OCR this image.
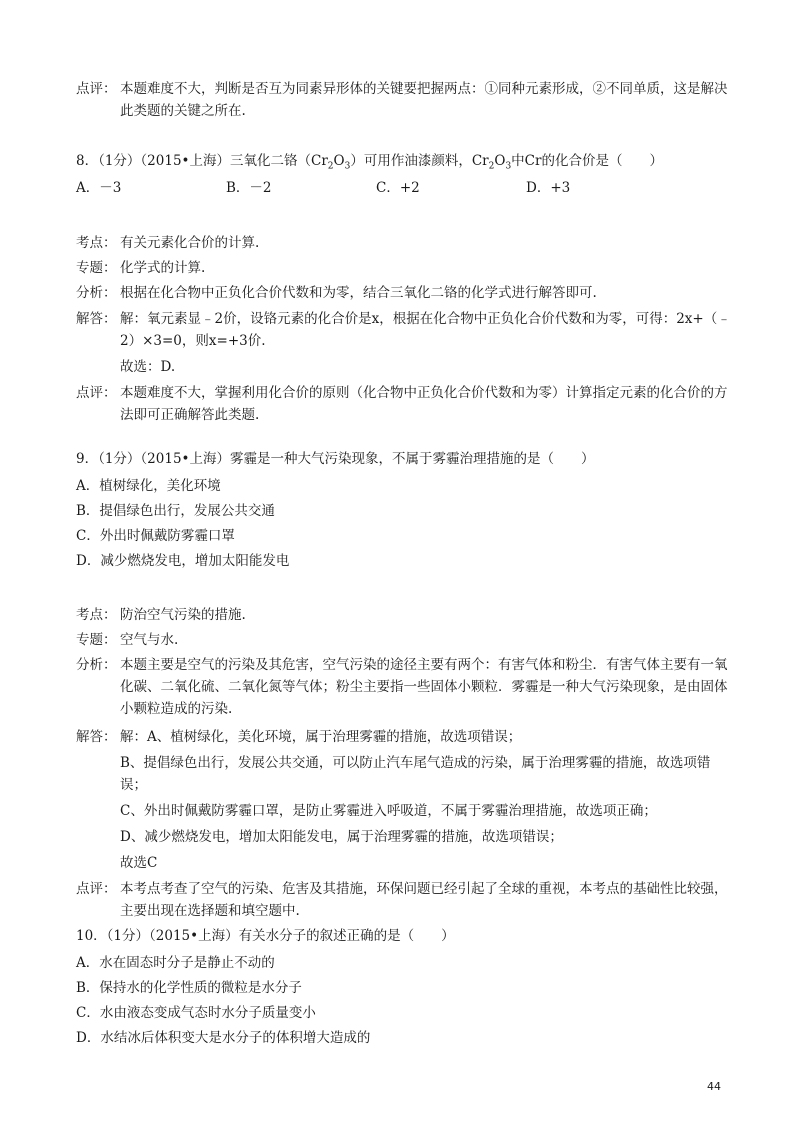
点评： 本题难度不大，判断是否互为同素异形体的关键要把握两点：①同种元素形成，②不同单质，这是解决此类题的关键之所在.
8．（1分）（2015•上海）三氧化二铬$(Cr_2O_3)$可用作油漆颜料，$Cr_2O_3$中Cr的化合价是（　　）
A．－3	B．－2	C．+2	D．+3
考点： 有关元素化合价的计算.
专题： 化学式的计算.
分析： 根据在化合物中正负化合价代数和为零，结合三氧化二铬的化学式进行解答即可.
解答： 解：氧元素显﹣2价，设铬元素的化合价是x，根据在化合物中正负化合价代数和为零，可得：2x+（﹣2）×3=0，则x=+3价.
故选：D.
点评： 本题难度不大，掌握利用化合价的原则（化合物中正负化合价代数和为零）计算指定元素的化合价的方法即可正确解答此类题.
9．（1分）（2015•上海）雾霾是一种大气污染现象，不属于雾霾治理措施的是（　　）
A．植树绿化，美化环境
B．提倡绿色出行，发展公共交通
C．外出时佩戴防雾霾口罩
D．减少燃烧发电，增加太阳能发电
考点： 防治空气污染的措施.
专题： 空气与水.
分析： 本题主要是空气的污染及其危害，空气污染的途径主要有两个：有害气体和粉尘．有害气体主要有一氧化碳、二氧化硫、二氧化氮等气体；粉尘主要指一些固体小颗粒．雾霾是一种大气污染现象，是由固体小颗粒造成的污染.
解答： 解：A、植树绿化，美化环境，属于治理雾霾的措施，故选项错误；
B、提倡绿色出行，发展公共交通，可以防止汽车尾气造成的污染，属于治理雾霾的措施，故选项错误；
C、外出时佩戴防雾霾口罩，是防止雾霾进入呼吸道，不属于雾霾治理措施，故选项正确；
D、减少燃烧发电，增加太阳能发电，属于治理雾霾的措施，故选项错误；
故选C
点评： 本考点考查了空气的污染、危害及其措施，环保问题已经引起了全球的重视，本考点的基础性比较强，主要出现在选择题和填空题中.
10．（1分）（2015•上海）有关水分子的叙述正确的是（　　）
A．水在固态时分子是静止不动的
B．保持水的化学性质的微粒是水分子
C．水由液态变成气态时水分子质量变小
D．水结冰后体积变大是水分子的体积增大造成的
44
